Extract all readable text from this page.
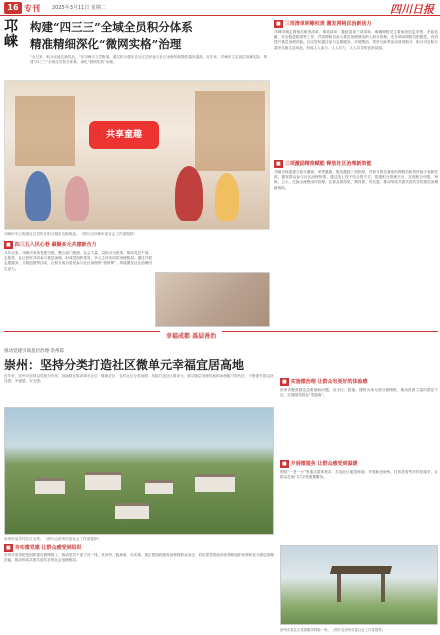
16 专刊 2025年3月11日 星期二	四川日报
邛崃
构建“四三三”全域全员积分体系
精准精细深化“微网实格”治理
“全过来，积分还能兑换奖品。”在邛崃市文君街道，通过积分超市让社区居民参与社区治理的积极性越来越高。近年来，邛崃市立足基层治理实际，构建“四三三”全域全员积分体系，深化“微网实格”治理。
共享童趣
邛崃市中心街道社区居民在积分超市兑换物品。（图片由邛崃市委社会工作部提供）
■ 三项清单明晰权责 激发网格民治新活力
邛崃市制定网格员职责清单、事项清单、激励清单三项清单，明确网格员主要承担信息采集、矛盾化解、安全隐患排查等工作，并将网格员参与基层治理情况纳入积分管理，充分调动网格员积极性，有效提升基层治理效能。社区居民通过参与志愿服务、环境整治、邻里互助等活动获得积分，积分可在积分超市兑换生活用品，形成人人参与、人人尽力、人人共享的良好局面。
■ 三项激励精准赋能 释放社区治理新效能
邛崃市探索建立积分激励、荣誉激励、服务激励三项机制，对积分排名靠前的网格员和居民给予表彰奖励，激发群众参与社区治理热情。通过线上线下结合的方式，搭建积分管理平台，实现积分申报、审核、公示、兑换全流程闭环管理，让群众看得见、摸得着、有实惠，推动形成共建共治共享的基层治理新格局。
■ 四三五入民心巷 凝聚多元共建新合力
今年以来，邛崃市坚持党建引领，整合部门资源、社会力量，以积分为纽带，推动党员干部、志愿者、社区居民共同参与基层治理，形成党组织领导、多元主体协同的治理格局。通过开展志愿服务、文明创建等活动，让积分成为居民参与社区治理的“指挥棒”，持续激发社区治理内生动力。
幸福成都 基层善治
推动党建引领基层治理·崇州篇
崇州：坚持分类打造社区微单元幸福宜居高地
近年来，崇州市坚持以党建为引领，因地制宜推动城市社区、镇街社区、农村社区分类治理，持续打造社区微单元，推动基层治理体系和治理能力现代化，不断提升群众获得感、幸福感、安全感。
崇州市某乡村社区全景。（图片由崇州市委社会工作部提供）
■ 实施微治理 让群众有更好的体验感
崇州市聚焦群众急难愁盼问题，以小区、院落、楼栋为单元划分微网格，推动资源力量向基层下沉，实现服务群众“零距离”。
■ 开展微服务 让群众感受到温暖
围绕“一老一小”等重点群体需求，打造社区服务阵地，开展助老助残、托育托管等多样化服务，让群众在家门口享受便捷服务。
■ 夯实微党建 让群众感受到组织
崇州市坚持把党组织建在微网格上，推动党员干部下沉一线，亮身份、践承诺、办实事，真正把组织服务延伸到群众身边，切实把党的政治优势和组织优势转化为基层治理效能，推动形成共建共治共享的社会治理格局。
崇州市某社区党群服务阵地一角。（图片由崇州市委社会工作部提供）
